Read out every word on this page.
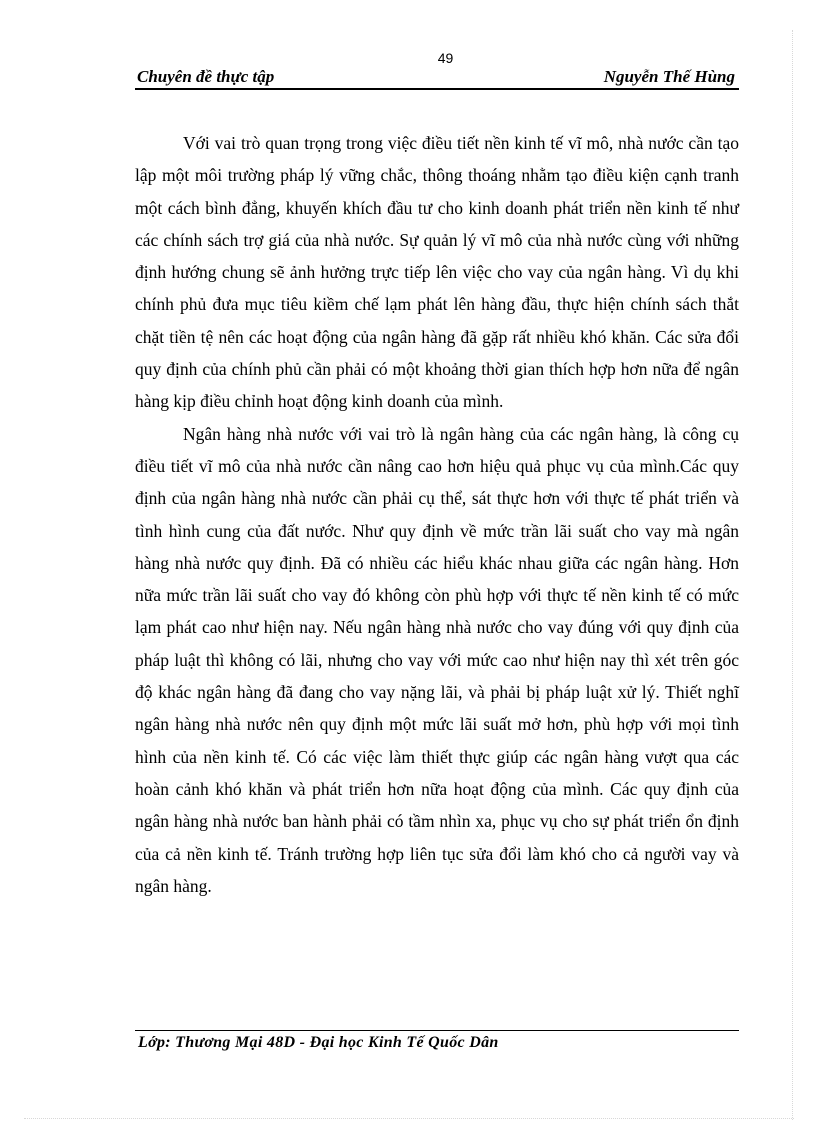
49
Chuyên đề thực tập	Nguyễn Thế Hùng

Với vai trò quan trọng trong việc điều tiết nền kinh tế vĩ mô, nhà nước cần tạo lập một môi trường pháp lý vững chắc, thông thoáng nhằm tạo điều kiện cạnh tranh một cách bình đẳng, khuyến khích đầu tư cho kinh doanh phát triển nền kinh tế như các chính sách trợ giá của nhà nước. Sự quản lý vĩ mô của nhà nước cùng với những định hướng chung sẽ ảnh hưởng trực tiếp lên việc cho vay của ngân hàng. Vì dụ khi chính phủ đưa mục tiêu kiềm chế lạm phát lên hàng đầu, thực hiện chính sách thắt chặt tiền tệ nên các hoạt động của ngân hàng đã gặp rất nhiều khó khăn. Các sửa đổi quy định của chính phủ cần phải có một khoảng thời gian thích hợp hơn nữa để ngân hàng kịp điều chỉnh hoạt động kinh doanh của mình.

Ngân hàng nhà nước với vai trò là ngân hàng của các ngân hàng, là công cụ điều tiết vĩ mô của nhà nước cần nâng cao hơn hiệu quả phục vụ của mình.Các quy định của ngân hàng nhà nước cần phải cụ thể, sát thực hơn với thực tế phát triển và tình hình cung của đất nước. Như quy định về mức trần lãi suất cho vay mà ngân hàng nhà nước quy định. Đã có nhiều các hiểu khác nhau giữa các ngân hàng. Hơn nữa mức trần lãi suất cho vay đó không còn phù hợp với thực tế nền kinh tế có mức lạm phát cao như hiện nay. Nếu ngân hàng nhà nước cho vay đúng với quy định của pháp luật thì không có lãi, nhưng cho vay với mức cao như hiện nay thì xét trên góc độ khác ngân hàng đã đang cho vay nặng lãi, và phải bị pháp luật xử lý. Thiết nghĩ ngân hàng nhà nước nên quy định một mức lãi suất mở hơn, phù hợp với mọi tình hình của nền kinh tế. Có các việc làm thiết thực giúp các ngân hàng vượt qua các hoàn cảnh khó khăn và phát triển hơn nữa hoạt động của mình. Các quy định của ngân hàng nhà nước ban hành phải có tầm nhìn xa, phục vụ cho sự phát triển ổn định của cả nền kinh tế. Tránh trường hợp liên tục sửa đổi làm khó cho cả người vay và ngân hàng.

Lớp: Thương Mại 48D - Đại học Kinh Tế Quốc Dân
